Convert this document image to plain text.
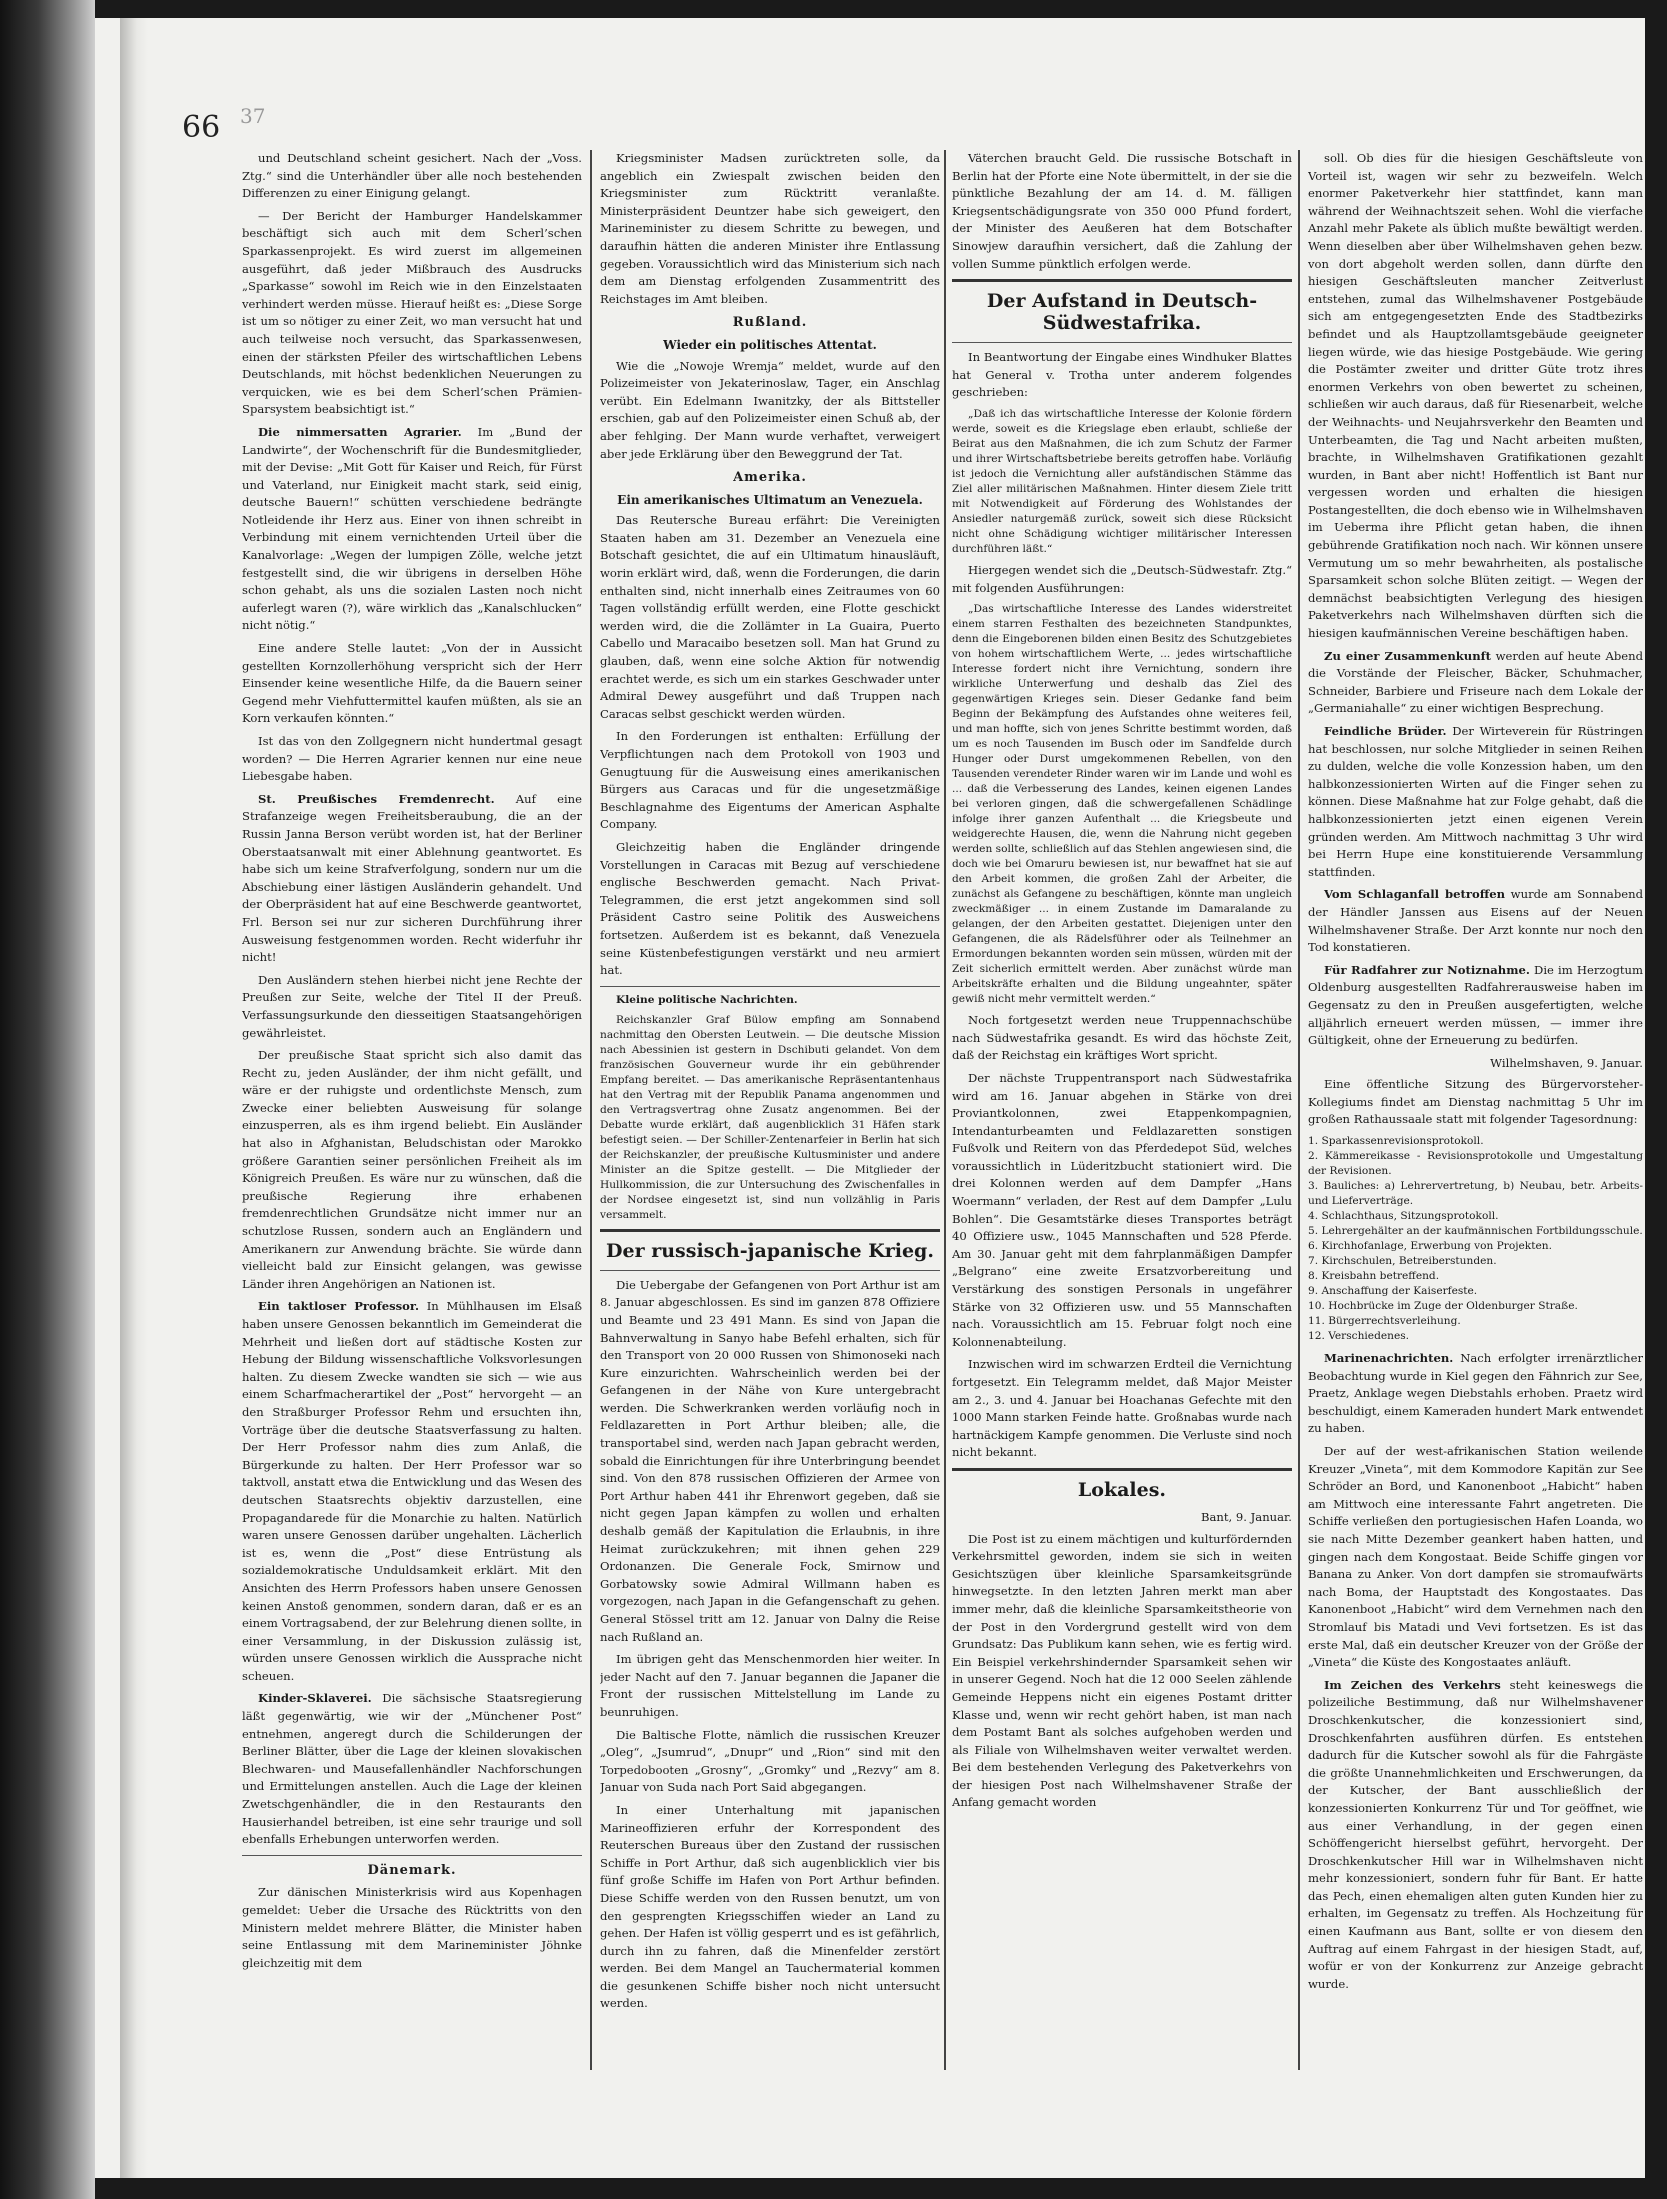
66 37

und Deutschland scheint gesichert. Nach der „Voss. Ztg.“ sind die Unterhändler über alle noch bestehenden Differenzen zu einer Einigung gelangt.

— Der Bericht der Hamburger Handelskammer beschäftigt sich auch mit dem Scherl’schen Sparkassenprojekt. Es wird zuerst im allgemeinen ausgeführt, daß jeder Mißbrauch des Ausdrucks „Sparkasse“ sowohl im Reich wie in den Einzelstaaten verhindert werden müsse. Hierauf heißt es: „Diese Sorge ist um so nötiger zu einer Zeit, wo man versucht hat und auch teilweise noch versucht, das Sparkassenwesen, einen der stärksten Pfeiler des wirtschaftlichen Lebens Deutschlands, mit höchst bedenklichen Neuerungen zu verquicken, wie es bei dem Scherl’schen Prämien-Sparsystem beabsichtigt ist.“

Die nimmersatten Agrarier. Im „Bund der Landwirte“, der Wochenschrift für die Bundesmitglieder, mit der Devise: „Mit Gott für Kaiser und Reich, für Fürst und Vaterland, nur Einigkeit macht stark, seid einig, deutsche Bauern!“ schütten verschiedene bedrängte Notleidende ihr Herz aus. Einer von ihnen schreibt in Verbindung mit einem vernichtenden Urteil über die Kanalvorlage: „Wegen der lumpigen Zölle, welche jetzt festgestellt sind, die wir übrigens in derselben Höhe schon gehabt, als uns die sozialen Lasten noch nicht auferlegt waren (?), wäre wirklich das „Kanalschlucken“ nicht nötig.“

Eine andere Stelle lautet: „Von der in Aussicht gestellten Kornzollerhöhung verspricht sich der Herr Einsender keine wesentliche Hilfe, da die Bauern seiner Gegend mehr Viehfuttermittel kaufen müßten, als sie an Korn verkaufen könnten.“

Ist das von den Zollgegnern nicht hundertmal gesagt worden? — Die Herren Agrarier kennen nur eine neue Liebesgabe haben.

St. Preußisches Fremdenrecht. Auf eine Strafanzeige wegen Freiheitsberaubung, die an der Russin Janna Berson verübt worden ist, hat der Berliner Oberstaatsanwalt mit einer Ablehnung geantwortet. Es habe sich um keine Strafverfolgung, sondern nur um die Abschiebung einer lästigen Ausländerin gehandelt. Und der Oberpräsident hat auf eine Beschwerde geantwortet, Frl. Berson sei nur zur sicheren Durchführung ihrer Ausweisung festgenommen worden. Recht widerfuhr ihr nicht!

Den Ausländern stehen hierbei nicht jene Rechte der Preußen zur Seite, welche der Titel II der Preuß. Verfassungsurkunde den diesseitigen Staatsangehörigen gewährleistet.

Der preußische Staat spricht sich also damit das Recht zu, jeden Ausländer, der ihm nicht gefällt, und wäre er der ruhigste und ordentlichste Mensch, zum Zwecke einer beliebten Ausweisung für solange einzusperren, als es ihm irgend beliebt. Ein Ausländer hat also in Afghanistan, Beludschistan oder Marokko größere Garantien seiner persönlichen Freiheit als im Königreich Preußen. Es wäre nur zu wünschen, daß die preußische Regierung ihre erhabenen fremdenrechtlichen Grundsätze nicht immer nur an schutzlose Russen, sondern auch an Engländern und Amerikanern zur Anwendung brächte. Sie würde dann vielleicht bald zur Einsicht gelangen, was gewisse Länder ihren Angehörigen an Nationen ist.

Ein taktloser Professor. In Mühlhausen im Elsaß haben unsere Genossen bekanntlich im Gemeinderat die Mehrheit und ließen dort auf städtische Kosten zur Hebung der Bildung wissenschaftliche Volksvorlesungen halten. Zu diesem Zwecke wandten sie sich — wie aus einem Scharfmacherartikel der „Post“ hervorgeht — an den Straßburger Professor Rehm und ersuchten ihn, Vorträge über die deutsche Staatsverfassung zu halten. Der Herr Professor nahm dies zum Anlaß, die Bürgerkunde zu halten. Der Herr Professor war so taktvoll, anstatt etwa die Entwicklung und das Wesen des deutschen Staatsrechts objektiv darzustellen, eine Propagandarede für die Monarchie zu halten. Natürlich waren unsere Genossen darüber ungehalten. Lächerlich ist es, wenn die „Post“ diese Entrüstung als sozialdemokratische Unduldsamkeit erklärt. Mit den Ansichten des Herrn Professors haben unsere Genossen keinen Anstoß genommen, sondern daran, daß er es an einem Vortragsabend, der zur Belehrung dienen sollte, in einer Versammlung, in der Diskussion zulässig ist, würden unsere Genossen wirklich die Aussprache nicht scheuen.

Kinder-Sklaverei. Die sächsische Staatsregierung läßt gegenwärtig, wie wir der „Münchener Post“ entnehmen, angeregt durch die Schilderungen der Berliner Blätter, über die Lage der kleinen slovakischen Blechwaren- und Mausefallenhändler Nachforschungen und Ermittelungen anstellen. Auch die Lage der kleinen Zwetschgenhändler, die in den Restaurants den Hausierhandel betreiben, ist eine sehr traurige und soll ebenfalls Erhebungen unterworfen werden.

Dänemark.

Zur dänischen Ministerkrisis wird aus Kopenhagen gemeldet: Ueber die Ursache des Rücktritts von den Ministern meldet mehrere Blätter, die Minister haben seine Entlassung mit dem Marineminister Jöhnke gleichzeitig mit dem

Kriegsminister Madsen zurücktreten solle, da angeblich ein Zwiespalt zwischen beiden den Kriegsminister zum Rücktritt veranlaßte. Ministerpräsident Deuntzer habe sich geweigert, den Marineminister zu diesem Schritte zu bewegen, und daraufhin hätten die anderen Minister ihre Entlassung gegeben. Voraussichtlich wird das Ministerium sich nach dem am Dienstag erfolgenden Zusammentritt des Reichstages im Amt bleiben.

Rußland.
Wieder ein politisches Attentat.

Wie die „Nowoje Wremja“ meldet, wurde auf den Polizeimeister von Jekaterinoslaw, Tager, ein Anschlag verübt. Ein Edelmann Iwanitzky, der als Bittsteller erschien, gab auf den Polizeimeister einen Schuß ab, der aber fehlging. Der Mann wurde verhaftet, verweigert aber jede Erklärung über den Beweggrund der Tat.

Amerika.
Ein amerikanisches Ultimatum an Venezuela.

Das Reutersche Bureau erfährt: Die Vereinigten Staaten haben am 31. Dezember an Venezuela eine Botschaft gesichtet, die auf ein Ultimatum hinausläuft, worin erklärt wird, daß, wenn die Forderungen, die darin enthalten sind, nicht innerhalb eines Zeitraumes von 60 Tagen vollständig erfüllt werden, eine Flotte geschickt werden wird, die die Zollämter in La Guaira, Puerto Cabello und Maracaibo besetzen soll. Man hat Grund zu glauben, daß, wenn eine solche Aktion für notwendig erachtet werde, es sich um ein starkes Geschwader unter Admiral Dewey ausgeführt und daß Truppen nach Caracas selbst geschickt werden würden.

In den Forderungen ist enthalten: Erfüllung der Verpflichtungen nach dem Protokoll von 1903 und Genugtuung für die Ausweisung eines amerikanischen Bürgers aus Caracas und für die ungesetzmäßige Beschlagnahme des Eigentums der American Asphalte Company.

Gleichzeitig haben die Engländer dringende Vorstellungen in Caracas mit Bezug auf verschiedene englische Beschwerden gemacht. Nach Privat-Telegrammen, die erst jetzt angekommen sind soll Präsident Castro seine Politik des Ausweichens fortsetzen. Außerdem ist es bekannt, daß Venezuela seine Küstenbefestigungen verstärkt und neu armiert hat.

Kleine politische Nachrichten.

Reichskanzler Graf Bülow empfing am Sonnabend nachmittag den Obersten Leutwein. — Die deutsche Mission nach Abessinien ist gestern in Dschibuti gelandet. Von dem französischen Gouverneur wurde ihr ein gebührender Empfang bereitet. — Das amerikanische Repräsentantenhaus hat den Vertrag mit der Republik Panama angenommen und den Vertragsvertrag ohne Zusatz angenommen. Bei der Debatte wurde erklärt, daß augenblicklich 31 Häfen stark befestigt seien. — Der Schiller-Zentenarfeier in Berlin hat sich der Reichskanzler, der preußische Kultusminister und andere Minister an die Spitze gestellt. — Die Mitglieder der Hullkommission, die zur Untersuchung des Zwischenfalles in der Nordsee eingesetzt ist, sind nun vollzählig in Paris versammelt.

Der russisch-japanische Krieg.

Die Uebergabe der Gefangenen von Port Arthur ist am 8. Januar abgeschlossen. Es sind im ganzen 878 Offiziere und Beamte und 23 491 Mann. Es sind von Japan die Bahnverwaltung in Sanyo habe Befehl erhalten, sich für den Transport von 20 000 Russen von Shimonoseki nach Kure einzurichten. Wahrscheinlich werden bei der Gefangenen in der Nähe von Kure untergebracht werden. Die Schwerkranken werden vorläufig noch in Feldlazaretten in Port Arthur bleiben; alle, die transportabel sind, werden nach Japan gebracht werden, sobald die Einrichtungen für ihre Unterbringung beendet sind. Von den 878 russischen Offizieren der Armee von Port Arthur haben 441 ihr Ehrenwort gegeben, daß sie nicht gegen Japan kämpfen zu wollen und erhalten deshalb gemäß der Kapitulation die Erlaubnis, in ihre Heimat zurückzukehren; mit ihnen gehen 229 Ordonanzen. Die Generale Fock, Smirnow und Gorbatowsky sowie Admiral Willmann haben es vorgezogen, nach Japan in die Gefangenschaft zu gehen. General Stössel tritt am 12. Januar von Dalny die Reise nach Rußland an.

Im übrigen geht das Menschenmorden hier weiter. In jeder Nacht auf den 7. Januar begannen die Japaner die Front der russischen Mittelstellung im Lande zu beunruhigen.

Die Baltische Flotte, nämlich die russischen Kreuzer „Oleg“, „Jsumrud“, „Dnupr“ und „Rion“ sind mit den Torpedobooten „Grosny“, „Gromky“ und „Rezvy“ am 8. Januar von Suda nach Port Said abgegangen.

In einer Unterhaltung mit japanischen Marineoffizieren erfuhr der Korrespondent des Reuterschen Bureaus über den Zustand der russischen Schiffe in Port Arthur, daß sich augenblicklich vier bis fünf große Schiffe im Hafen von Port Arthur befinden. Diese Schiffe werden von den Russen benutzt, um von den gesprengten Kriegsschiffen wieder an Land zu gehen. Der Hafen ist völlig gesperrt und es ist gefährlich, durch ihn zu fahren, daß die Minenfelder zerstört werden. Bei dem Mangel an Tauchermaterial kommen die gesunkenen Schiffe bisher noch nicht untersucht werden.

Väterchen braucht Geld. Die russische Botschaft in Berlin hat der Pforte eine Note übermittelt, in der sie die pünktliche Bezahlung der am 14. d. M. fälligen Kriegsentschädigungsrate von 350 000 Pfund fordert, der Minister des Aeußeren hat dem Botschafter Sinowjew daraufhin versichert, daß die Zahlung der vollen Summe pünktlich erfolgen werde.

Der Aufstand in Deutsch-Südwestafrika.

In Beantwortung der Eingabe eines Windhuker Blattes hat General v. Trotha unter anderem folgendes geschrieben:

„Daß ich das wirtschaftliche Interesse der Kolonie fördern werde, soweit es die Kriegslage eben erlaubt, schließe der Beirat aus den Maßnahmen, die ich zum Schutz der Farmer und ihrer Wirtschaftsbetriebe bereits getroffen habe. Vorläufig ist jedoch die Vernichtung aller aufständischen Stämme das Ziel aller militärischen Maßnahmen. Hinter diesem Ziele tritt mit Notwendigkeit auf Förderung des Wohlstandes der Ansiedler naturgemäß zurück, soweit sich diese Rücksicht nicht ohne Schädigung wichtiger militärischer Interessen durchführen läßt.“

Hiergegen wendet sich die „Deutsch-Südwestafr. Ztg.“ mit folgenden Ausführungen:

„Das wirtschaftliche Interesse des Landes widerstreitet einem starren Festhalten des bezeichneten Standpunktes, denn die Eingeborenen bilden einen Besitz des Schutzgebietes von hohem wirtschaftlichem Werte, ... jedes wirtschaftliche Interesse fordert nicht ihre Vernichtung, sondern ihre wirkliche Unterwerfung und deshalb das Ziel des gegenwärtigen Krieges sein. Dieser Gedanke fand beim Beginn der Bekämpfung des Aufstandes ohne weiteres feil, und man hoffte, sich von jenes Schritte bestimmt worden, daß um es noch Tausenden im Busch oder im Sandfelde durch Hunger oder Durst umgekommenen Rebellen, von den Tausenden verendeter Rinder waren wir im Lande und wohl es ... daß die Verbesserung des Landes, keinen eigenen Landes bei verloren gingen, daß die schwergefallenen Schädlinge infolge ihrer ganzen Aufenthalt ... die Kriegsbeute und weidgerechte Hausen, die, wenn die Nahrung nicht gegeben werden sollte, schließlich auf das Stehlen angewiesen sind, die doch wie bei Omaruru bewiesen ist, nur bewaffnet hat sie auf den Arbeit kommen, die großen Zahl der Arbeiter, die zunächst als Gefangene zu beschäftigen, könnte man ungleich zweckmäßiger ... in einem Zustande im Damaralande zu gelangen, der den Arbeiten gestattet. Diejenigen unter den Gefangenen, die als Rädelsführer oder als Teilnehmer an Ermordungen bekannten worden sein müssen, würden mit der Zeit sicherlich ermittelt werden. Aber zunächst würde man Arbeitskräfte erhalten und die Bildung ungeahnter, später gewiß nicht mehr vermittelt werden.“

Noch fortgesetzt werden neue Truppennachschübe nach Südwestafrika gesandt. Es wird das höchste Zeit, daß der Reichstag ein kräftiges Wort spricht.

Der nächste Truppentransport nach Südwestafrika wird am 16. Januar abgehen in Stärke von drei Proviantkolonnen, zwei Etappenkompagnien, Intendanturbeamten und Feldlazaretten sonstigen Fußvolk und Reitern von das Pferdedepot Süd, welches voraussichtlich in Lüderitzbucht stationiert wird. Die drei Kolonnen werden auf dem Dampfer „Hans Woermann“ verladen, der Rest auf dem Dampfer „Lulu Bohlen“. Die Gesamtstärke dieses Transportes beträgt 40 Offiziere usw., 1045 Mannschaften und 528 Pferde. Am 30. Januar geht mit dem fahrplanmäßigen Dampfer „Belgrano“ eine zweite Ersatzvorbereitung und Verstärkung des sonstigen Personals in ungefährer Stärke von 32 Offizieren usw. und 55 Mannschaften nach. Voraussichtlich am 15. Februar folgt noch eine Kolonnenabteilung.

Inzwischen wird im schwarzen Erdteil die Vernichtung fortgesetzt. Ein Telegramm meldet, daß Major Meister am 2., 3. und 4. Januar bei Hoachanas Gefechte mit den 1000 Mann starken Feinde hatte. Großnabas wurde nach hartnäckigem Kampfe genommen. Die Verluste sind noch nicht bekannt.

Lokales.
Bant, 9. Januar.

Die Post ist zu einem mächtigen und kulturfördernden Verkehrsmittel geworden, indem sie sich in weiten Gesichtszügen über kleinliche Sparsamkeitsgründe hinwegsetzte. In den letzten Jahren merkt man aber immer mehr, daß die kleinliche Sparsamkeitstheorie von der Post in den Vordergrund gestellt wird von dem Grundsatz: Das Publikum kann sehen, wie es fertig wird. Ein Beispiel verkehrshindernder Sparsamkeit sehen wir in unserer Gegend. Noch hat die 12 000 Seelen zählende Gemeinde Heppens nicht ein eigenes Postamt dritter Klasse und, wenn wir recht gehört haben, ist man nach dem Postamt Bant als solches aufgehoben werden und als Filiale von Wilhelmshaven weiter verwaltet werden. Bei dem bestehenden Verlegung des Paketverkehrs von der hiesigen Post nach Wilhelmshavener Straße der Anfang gemacht worden

soll. Ob dies für die hiesigen Geschäftsleute von Vorteil ist, wagen wir sehr zu bezweifeln. Welch enormer Paketverkehr hier stattfindet, kann man während der Weihnachtszeit sehen. Wohl die vierfache Anzahl mehr Pakete als üblich mußte bewältigt werden. Wenn dieselben aber über Wilhelmshaven gehen bezw. von dort abgeholt werden sollen, dann dürfte den hiesigen Geschäftsleuten mancher Zeitverlust entstehen, zumal das Wilhelmshavener Postgebäude sich am entgegengesetzten Ende des Stadtbezirks befindet und als Hauptzollamtsgebäude geeigneter liegen würde, wie das hiesige Postgebäude. Wie gering die Postämter zweiter und dritter Güte trotz ihres enormen Verkehrs von oben bewertet zu scheinen, schließen wir auch daraus, daß für Riesenarbeit, welche der Weihnachts- und Neujahrsverkehr den Beamten und Unterbeamten, die Tag und Nacht arbeiten mußten, brachte, in Wilhelmshaven Gratifikationen gezahlt wurden, in Bant aber nicht! Hoffentlich ist Bant nur vergessen worden und erhalten die hiesigen Postangestellten, die doch ebenso wie in Wilhelmshaven im Ueberma ihre Pflicht getan haben, die ihnen gebührende Gratifikation noch nach. Wir können unsere Vermutung um so mehr bewahrheiten, als postalische Sparsamkeit schon solche Blüten zeitigt. — Wegen der demnächst beabsichtigten Verlegung des hiesigen Paketverkehrs nach Wilhelmshaven dürften sich die hiesigen kaufmännischen Vereine beschäftigen haben.

Zu einer Zusammenkunft werden auf heute Abend die Vorstände der Fleischer, Bäcker, Schuhmacher, Schneider, Barbiere und Friseure nach dem Lokale der „Germaniahalle“ zu einer wichtigen Besprechung.

Feindliche Brüder. Der Wirteverein für Rüstringen hat beschlossen, nur solche Mitglieder in seinen Reihen zu dulden, welche die volle Konzession haben, um den halbkonzessionierten Wirten auf die Finger sehen zu können. Diese Maßnahme hat zur Folge gehabt, daß die halbkonzessionierten jetzt einen eigenen Verein gründen werden. Am Mittwoch nachmittag 3 Uhr wird bei Herrn Hupe eine konstituierende Versammlung stattfinden.

Vom Schlaganfall betroffen wurde am Sonnabend der Händler Janssen aus Eisens auf der Neuen Wilhelmshavener Straße. Der Arzt konnte nur noch den Tod konstatieren.

Für Radfahrer zur Notiznahme. Die im Herzogtum Oldenburg ausgestellten Radfahrerausweise haben im Gegensatz zu den in Preußen ausgefertigten, welche alljährlich erneuert werden müssen, — immer ihre Gültigkeit, ohne der Erneuerung zu bedürfen.

Wilhelmshaven, 9. Januar.

Eine öffentliche Sitzung des Bürgervorsteher-Kollegiums findet am Dienstag nachmittag 5 Uhr im großen Rathaussaale statt mit folgender Tagesordnung:

1. Sparkassenrevisionsprotokoll.
2. Kämmereikasse - Revisionsprotokolle und Umgestaltung der Revisionen.
3. Bauliches: a) Lehrervertretung, b) Neubau, betr. Arbeits- und Lieferverträge.
4. Schlachthaus, Sitzungsprotokoll.
5. Lehrergehälter an der kaufmännischen Fortbildungsschule.
6. Kirchhofanlage, Erwerbung von Projekten.
7. Kirchschulen, Betreiberstunden.
8. Kreisbahn betreffend.
9. Anschaffung der Kaiserfeste.
10. Hochbrücke im Zuge der Oldenburger Straße.
11. Bürgerrechtsverleihung.
12. Verschiedenes.

Marinenachrichten. Nach erfolgter irrenärztlicher Beobachtung wurde in Kiel gegen den Fähnrich zur See, Praetz, Anklage wegen Diebstahls erhoben. Praetz wird beschuldigt, einem Kameraden hundert Mark entwendet zu haben.

Der auf der west-afrikanischen Station weilende Kreuzer „Vineta“, mit dem Kommodore Kapitän zur See Schröder an Bord, und Kanonenboot „Habicht“ haben am Mittwoch eine interessante Fahrt angetreten. Die Schiffe verließen den portugiesischen Hafen Loanda, wo sie nach Mitte Dezember geankert haben hatten, und gingen nach dem Kongostaat. Beide Schiffe gingen vor Banana zu Anker. Von dort dampfen sie stromaufwärts nach Boma, der Hauptstadt des Kongostaates. Das Kanonenboot „Habicht“ wird dem Vernehmen nach den Stromlauf bis Matadi und Vevi fortsetzen. Es ist das erste Mal, daß ein deutscher Kreuzer von der Größe der „Vineta“ die Küste des Kongostaates anläuft.

Im Zeichen des Verkehrs steht keineswegs die polizeiliche Bestimmung, daß nur Wilhelmshavener Droschkenkutscher, die konzessioniert sind, Droschkenfahrten ausführen dürfen. Es entstehen dadurch für die Kutscher sowohl als für die Fahrgäste die größte Unannehmlichkeiten und Erschwerungen, da der Kutscher, der Bant ausschließlich der konzessionierten Konkurrenz Tür und Tor geöffnet, wie aus einer Verhandlung, in der gegen einen Schöffengericht hierselbst geführt, hervorgeht. Der Droschkenkutscher Hill war in Wilhelmshaven nicht mehr konzessioniert, sondern fuhr für Bant. Er hatte das Pech, einen ehemaligen alten guten Kunden hier zu erhalten, im Gegensatz zu treffen. Als Hochzeitung für einen Kaufmann aus Bant, sollte er von diesem den Auftrag auf einem Fahrgast in der hiesigen Stadt, auf, wofür er von der Konkurrenz zur Anzeige gebracht wurde.
